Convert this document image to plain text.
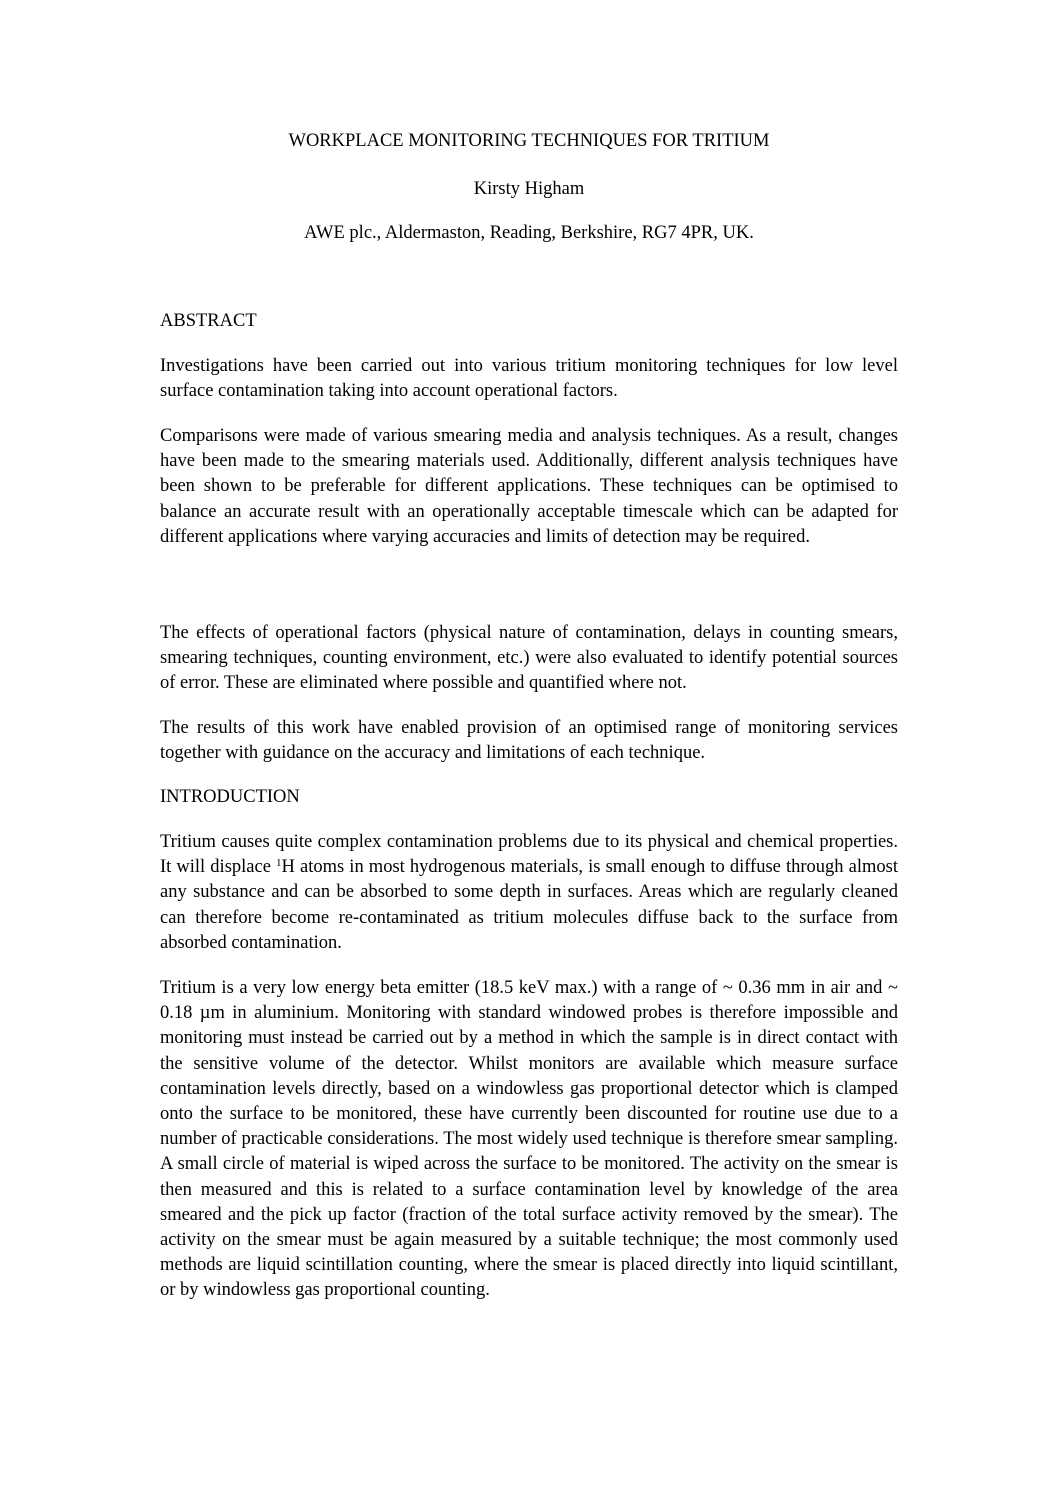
WORKPLACE MONITORING TECHNIQUES FOR TRITIUM

Kirsty Higham

AWE plc., Aldermaston, Reading, Berkshire, RG7 4PR, UK.

ABSTRACT

Investigations have been carried out into various tritium monitoring techniques for low level surface contamination taking into account operational factors.

Comparisons were made of various smearing media and analysis techniques. As a result, changes have been made to the smearing materials used. Additionally, different analysis techniques have been shown to be preferable for different applications. These techniques can be optimised to balance an accurate result with an operationally acceptable timescale which can be adapted for different applications where varying accuracies and limits of detection may be required.

The effects of operational factors (physical nature of contamination, delays in counting smears, smearing techniques, counting environment, etc.) were also evaluated to identify potential sources of error. These are eliminated where possible and quantified where not.

The results of this work have enabled provision of an optimised range of monitoring services together with guidance on the accuracy and limitations of each technique.

INTRODUCTION

Tritium causes quite complex contamination problems due to its physical and chemical properties. It will displace $^1$H atoms in most hydrogenous materials, is small enough to diffuse through almost any substance and can be absorbed to some depth in surfaces. Areas which are regularly cleaned can therefore become re-contaminated as tritium molecules diffuse back to the surface from absorbed contamination.

Tritium is a very low energy beta emitter (18.5 keV max.) with a range of ~ 0.36 mm in air and ~ 0.18 µm in aluminium. Monitoring with standard windowed probes is therefore impossible and monitoring must instead be carried out by a method in which the sample is in direct contact with the sensitive volume of the detector. Whilst monitors are available which measure surface contamination levels directly, based on a windowless gas proportional detector which is clamped onto the surface to be monitored, these have currently been discounted for routine use due to a number of practicable considerations. The most widely used technique is therefore smear sampling. A small circle of material is wiped across the surface to be monitored. The activity on the smear is then measured and this is related to a surface contamination level by knowledge of the area smeared and the pick up factor (fraction of the total surface activity removed by the smear). The activity on the smear must be again measured by a suitable technique; the most commonly used methods are liquid scintillation counting, where the smear is placed directly into liquid scintillant, or by windowless gas proportional counting.
